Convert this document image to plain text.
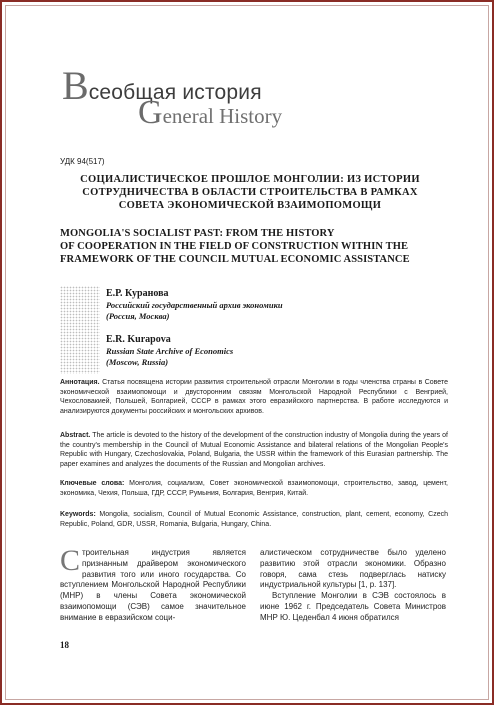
Всеобщая история
General History
УДК 94(517)
СОЦИАЛИСТИЧЕСКОЕ ПРОШЛОЕ МОНГОЛИИ: ИЗ ИСТОРИИ СОТРУДНИЧЕСТВА В ОБЛАСТИ СТРОИТЕЛЬСТВА В РАМКАХ СОВЕТА ЭКОНОМИЧЕСКОЙ ВЗАИМОПОМОЩИ
MONGOLIA'S SOCIALIST PAST: FROM THE HISTORY
OF COOPERATION IN THE FIELD OF CONSTRUCTION WITHIN THE
FRAMEWORK OF THE COUNCIL MUTUAL ECONOMIC ASSISTANCE
Е.Р. Куранова
Российский государственный архив экономики
(Россия, Москва)
E.R. Kurapova
Russian State Archive of Economics
(Moscow, Russia)
Аннотация. Статья посвящена истории развития строительной отрасли Монголии в годы членства страны в Совете экономической взаимопомощи и двусторонним связям Монгольской Народной Республики с Венгрией, Чехословакией, Польшей, Болгарией, СССР в рамках этого евразийского партнерства. В работе исследуются и анализируются документы российских и монгольских архивов.
Abstract. The article is devoted to the history of the development of the construction industry of Mongolia during the years of the country's membership in the Council of Mutual Economic Assistance and bilateral relations of the Mongolian People's Republic with Hungary, Czechoslovakia, Poland, Bulgaria, the USSR within the framework of this Eurasian partnership. The paper examines and analyzes the documents of the Russian and Mongolian archives.
Ключевые слова: Монголия, социализм, Совет экономической взаимопомощи, строительство, завод, цемент, экономика, Чехия, Польша, ГДР, СССР, Румыния, Болгария, Венгрия, Китай.
Keywords: Mongolia, socialism, Council of Mutual Economic Assistance, construction, plant, cement, economy, Czech Republic, Poland, GDR, USSR, Romania, Bulgaria, Hungary, China.
Строительная индустрия является признанным драйвером экономического развития того или иного государства. Со вступлением Монгольской Народной Республики (МНР) в члены Совета экономической взаимопомощи (СЭВ) самое значительное внимание в евразийском соци-
алистическом сотрудничестве было уделено развитию этой отрасли экономики. Образно говоря, сама стезь подверглась натиску индустриальной культуры [1, р. 137].
Вступление Монголии в СЭВ состоялось в июне 1962 г. Председатель Совета Министров МНР Ю. Цеденбал 4 июня обратился
18
